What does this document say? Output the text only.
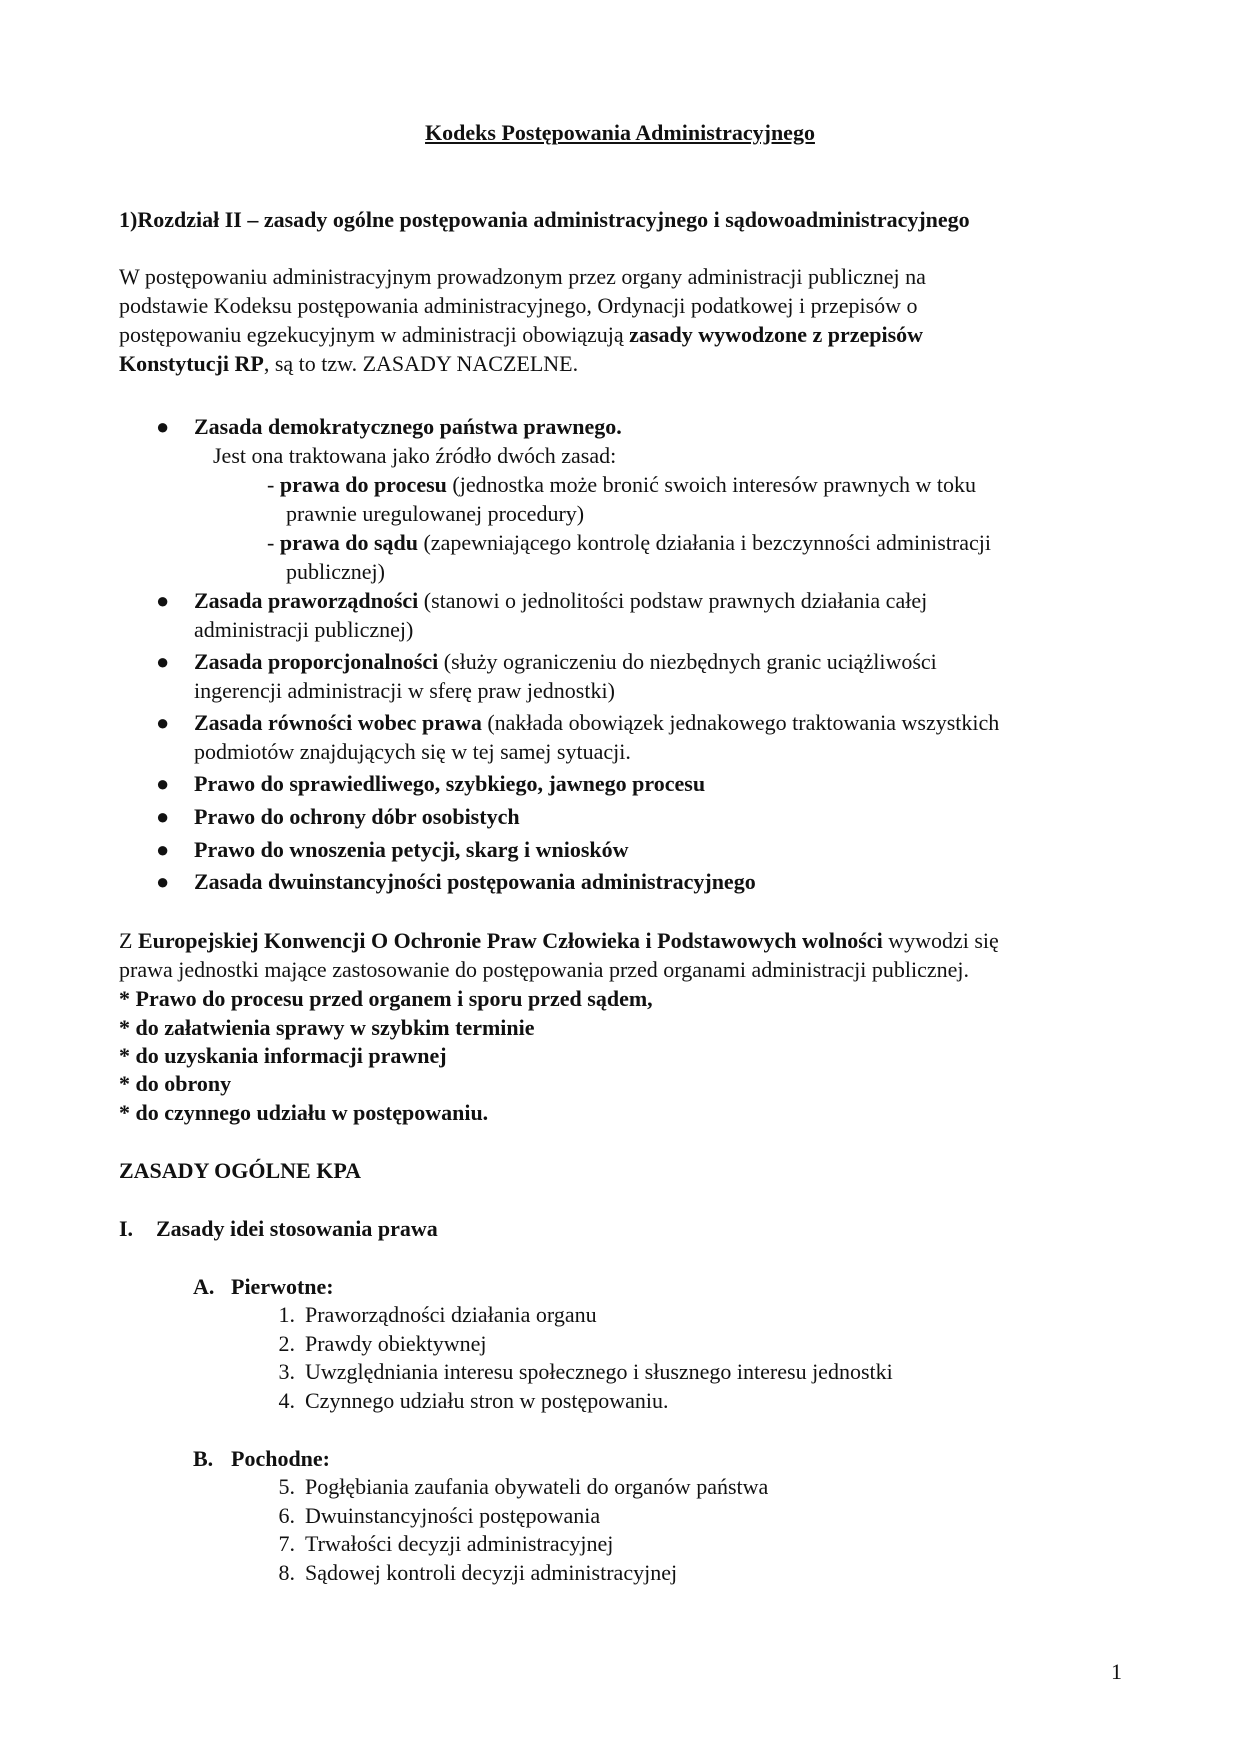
Kodeks Postępowania Administracyjnego
1)Rozdział II – zasady ogólne postępowania administracyjnego i sądowoadministracyjnego
W postępowaniu administracyjnym prowadzonym przez organy administracji publicznej na
podstawie Kodeksu postępowania administracyjnego, Ordynacji podatkowej i przepisów o
postępowaniu egzekucyjnym w administracji obowiązują zasady wywodzone z przepisów
Konstytucji RP, są to tzw. ZASADY NACZELNE.
● Zasada demokratycznego państwa prawnego.
Jest ona traktowana jako źródło dwóch zasad:
- prawa do procesu (jednostka może bronić swoich interesów prawnych w toku
prawnie uregulowanej procedury)
- prawa do sądu (zapewniającego kontrolę działania i bezczynności administracji
publicznej)
● Zasada praworządności (stanowi o jednolitości podstaw prawnych działania całej
administracji publicznej)
● Zasada proporcjonalności (służy ograniczeniu do niezbędnych granic uciążliwości
ingerencji administracji w sferę praw jednostki)
● Zasada równości wobec prawa (nakłada obowiązek jednakowego traktowania wszystkich
podmiotów znajdujących się w tej samej sytuacji.
● Prawo do sprawiedliwego, szybkiego, jawnego procesu
● Prawo do ochrony dóbr osobistych
● Prawo do wnoszenia petycji, skarg i wniosków
● Zasada dwuinstancyjności postępowania administracyjnego
Z Europejskiej Konwencji O Ochronie Praw Człowieka i Podstawowych wolności wywodzi się
prawa jednostki mające zastosowanie do postępowania przed organami administracji publicznej.
* Prawo do procesu przed organem i sporu przed sądem,
* do załatwienia sprawy w szybkim terminie
* do uzyskania informacji prawnej
* do obrony
* do czynnego udziału w postępowaniu.
ZASADY OGÓLNE KPA
I. Zasady idei stosowania prawa
A. Pierwotne:
1. Praworządności działania organu
2. Prawdy obiektywnej
3. Uwzględniania interesu społecznego i słusznego interesu jednostki
4. Czynnego udziału stron w postępowaniu.
B. Pochodne:
5. Pogłębiania zaufania obywateli do organów państwa
6. Dwuinstancyjności postępowania
7. Trwałości decyzji administracyjnej
8. Sądowej kontroli decyzji administracyjnej
1
